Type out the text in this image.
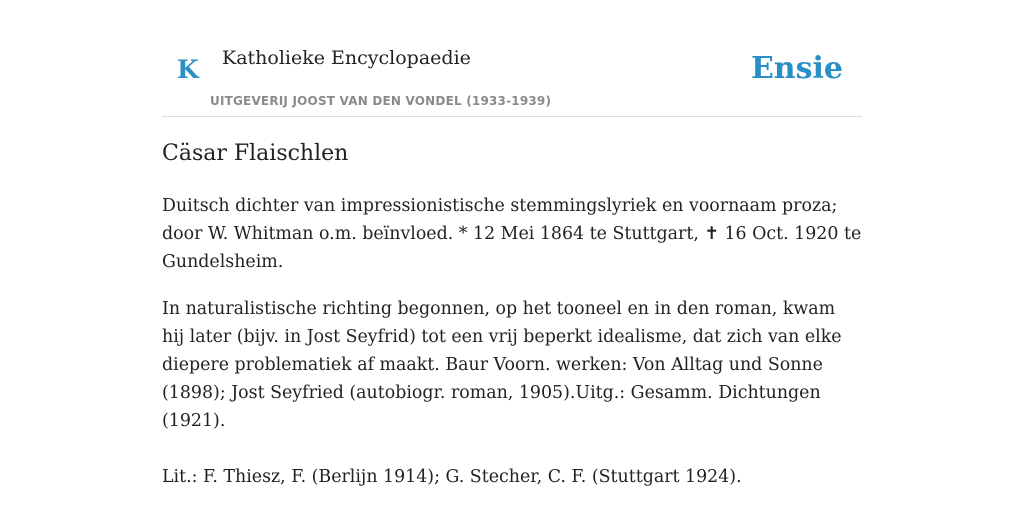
K Katholieke Encyclopaedie
UITGEVERIJ JOOST VAN DEN VONDEL (1933-1939)
Ensie
Cäsar Flaischlen

Duitsch dichter van impressionistische stemmingslyriek en voornaam proza; door W. Whitman o.m. beïnvloed. * 12 Mei 1864 te Stuttgart, ✝ 16 Oct. 1920 te Gundelsheim.

In naturalistische richting begonnen, op het tooneel en in den roman, kwam hij later (bijv. in Jost Seyfrid) tot een vrij beperkt idealisme, dat zich van elke diepere problematiek af maakt. Baur Voorn. werken: Von Alltag und Sonne (1898); Jost Seyfried (autobiogr. roman, 1905).Uitg.: Gesamm. Dichtungen (1921).

Lit.: F. Thiesz, F. (Berlijn 1914); G. Stecher, C. F. (Stuttgart 1924).
